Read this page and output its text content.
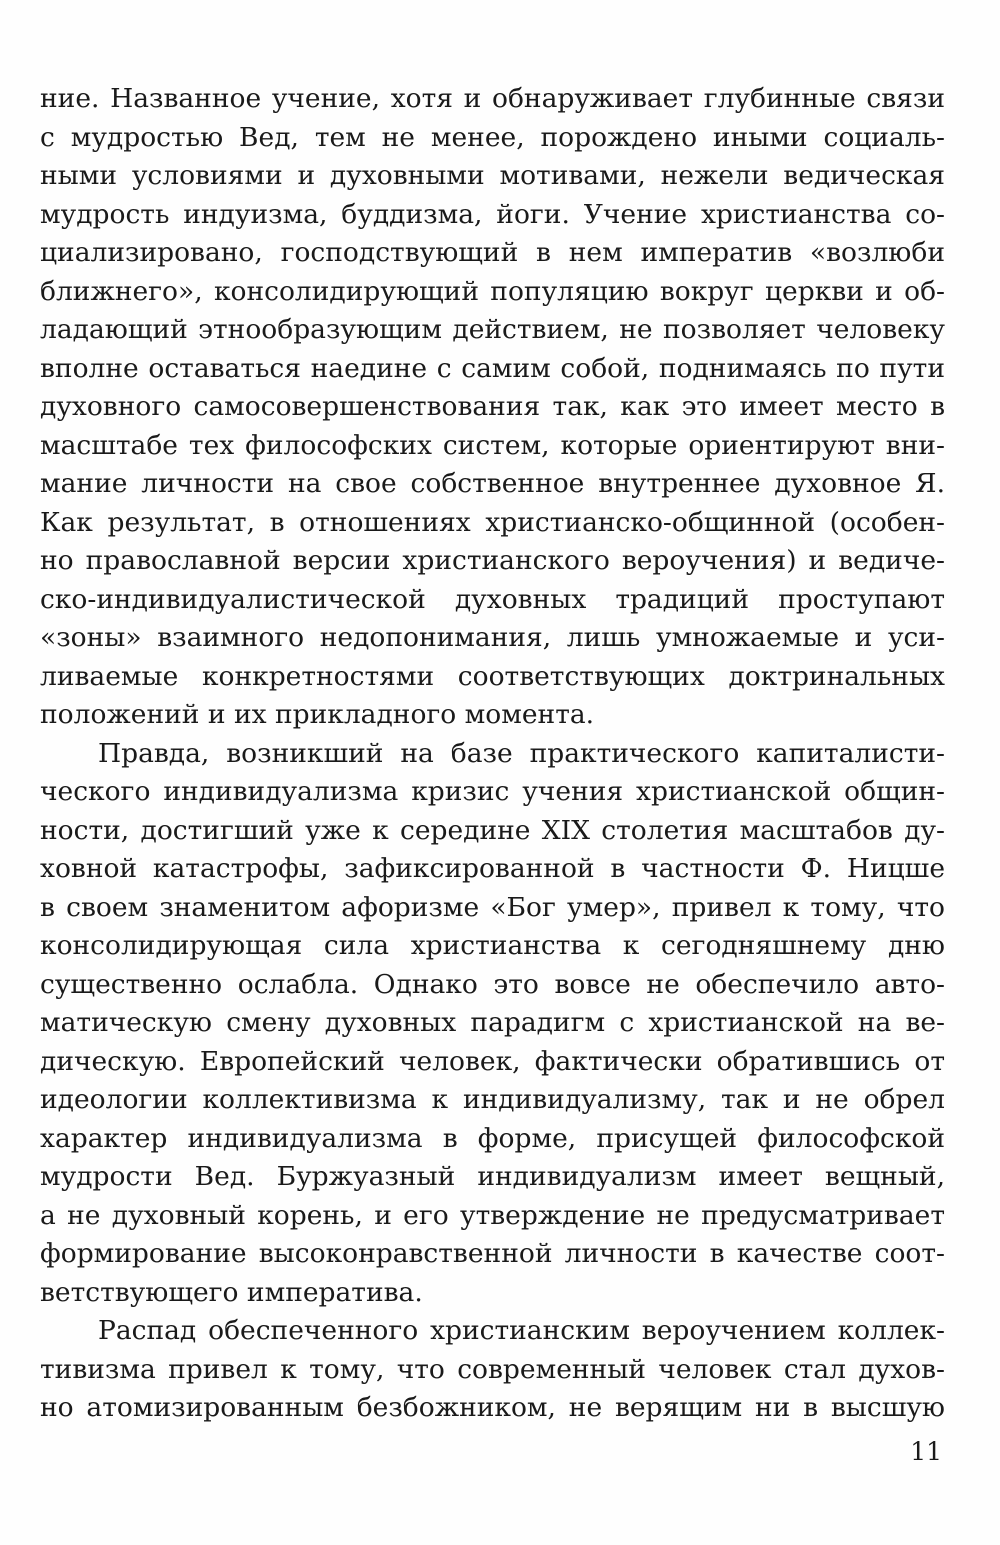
ние. Названное учение, хотя и обнаруживает глубинные связи
с мудростью Вед, тем не менее, порождено иными социаль-
ными условиями и духовными мотивами, нежели ведическая
мудрость индуизма, буддизма, йоги. Учение христианства со-
циализировано, господствующий в нем императив «возлюби
ближнего», консолидирующий популяцию вокруг церкви и об-
ладающий этнообразующим действием, не позволяет человеку
вполне оставаться наедине с самим собой, поднимаясь по пути
духовного самосовершенствования так, как это имеет место в
масштабе тех философских систем, которые ориентируют вни-
мание личности на свое собственное внутреннее духовное Я.
Как результат, в отношениях христианско-общинной (особен-
но православной версии христианского вероучения) и ведиче-
ско-индивидуалистической духовных традиций проступают
«зоны» взаимного недопонимания, лишь умножаемые и уси-
ливаемые конкретностями соответствующих доктринальных
положений и их прикладного момента.
Правда, возникший на базе практического капиталисти-
ческого индивидуализма кризис учения христианской общин-
ности, достигший уже к середине XIX столетия масштабов ду-
ховной катастрофы, зафиксированной в частности Ф. Ницше
в своем знаменитом афоризме «Бог умер», привел к тому, что
консолидирующая сила христианства к сегодняшнему дню
существенно ослабла. Однако это вовсе не обеспечило авто-
матическую смену духовных парадигм с христианской на ве-
дическую. Европейский человек, фактически обратившись от
идеологии коллективизма к индивидуализму, так и не обрел
характер индивидуализма в форме, присущей философской
мудрости Вед. Буржуазный индивидуализм имеет вещный,
а не духовный корень, и его утверждение не предусматривает
формирование высоконравственной личности в качестве соот-
ветствующего императива.
Распад обеспеченного христианским вероучением коллек-
тивизма привел к тому, что современный человек стал духов-
но атомизированным безбожником, не верящим ни в высшую
11
